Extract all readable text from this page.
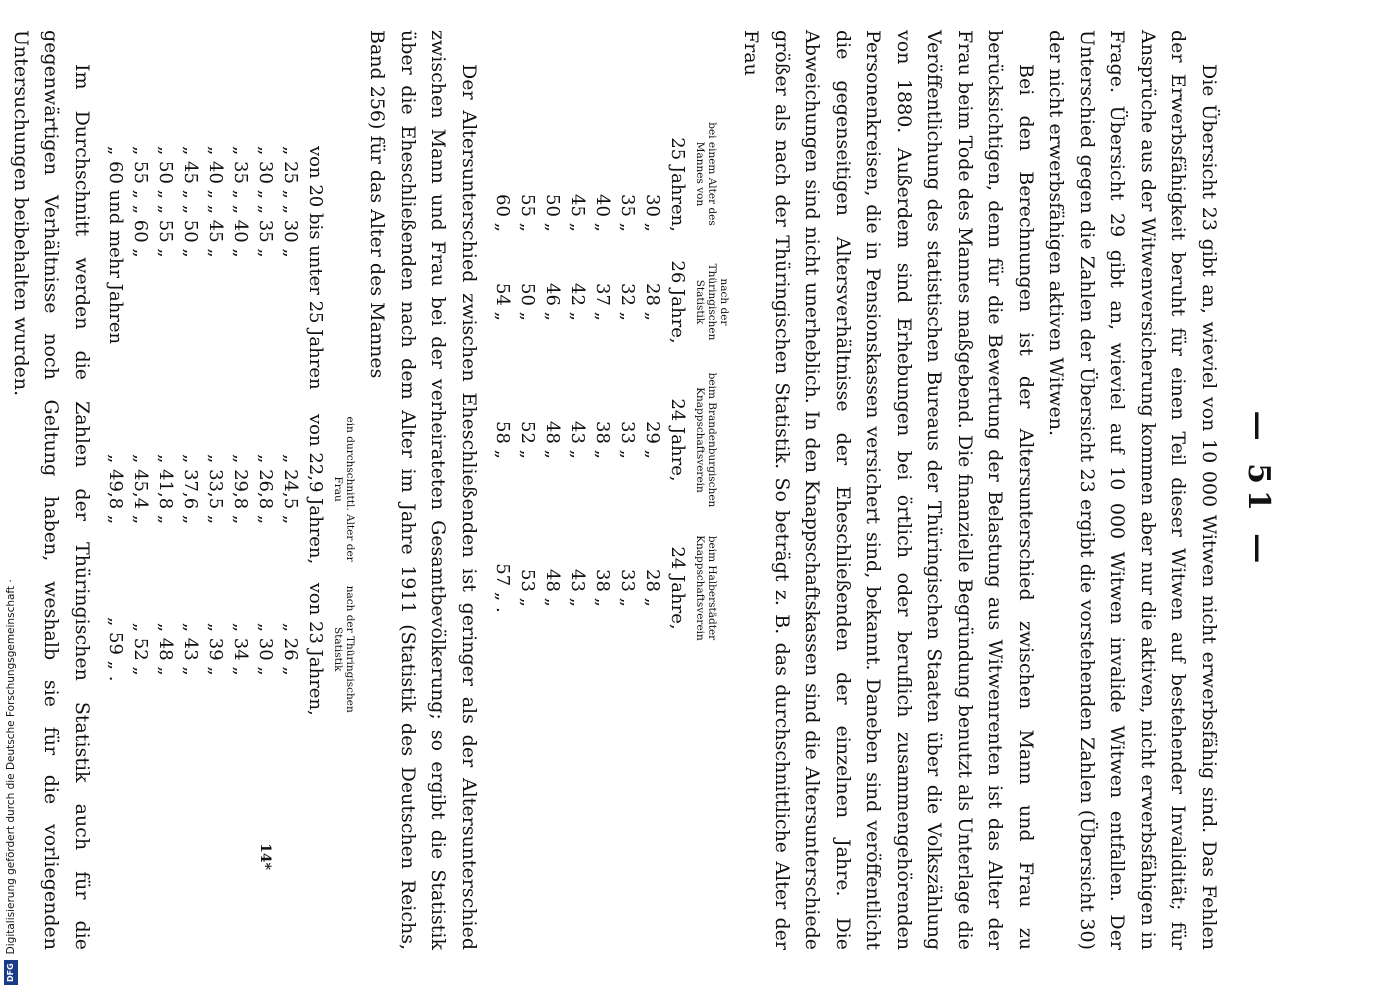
— 51 —

Die Übersicht 23 gibt an, wieviel von 10 000 Witwen nicht erwerbsfähig sind. Das Fehlen der Erwerbsfähigkeit beruht für einen Teil dieser Witwen auf bestehender Invalidität; für Ansprüche aus der Witwenversicherung kommen aber nur die aktiven, nicht erwerbsfähigen in Frage. Übersicht 29 gibt an, wieviel auf 10 000 Witwen invalide Witwen entfallen. Der Unterschied gegen die Zahlen der Übersicht 23 ergibt die vorstehenden Zahlen (Übersicht 30) der nicht erwerbsfähigen aktiven Witwen.

Bei den Berechnungen ist der Altersunterschied zwischen Mann und Frau zu berücksichtigen, denn für die Bewertung der Belastung aus Witwenrenten ist das Alter der Frau beim Tode des Mannes maßgebend. Die finanzielle Begründung benutzt als Unterlage die Veröffentlichung des statistischen Bureaus der Thüringischen Staaten über die Volkszählung von 1880. Außerdem sind Erhebungen bei örtlich oder beruflich zusammengehörenden Personenkreisen, die in Pensionskassen versichert sind, bekannt. Daneben sind veröffentlicht die gegenseitigen Altersverhältnisse der Eheschließenden der einzelnen Jahre. Die Abweichungen sind nicht unerheblich. In den Knappschaftskassen sind die Altersunterschiede größer als nach der Thüringischen Statistik. So beträgt z. B. das durchschnittliche Alter der Frau

bei einem Alter des Mannes von	nach der Thüringischen Statistik	beim Brandenburgischen Knappschaftsverein	beim Halberstädter Knappschaftsverein
25 Jahren,	26 Jahre,	24 Jahre,	24 Jahre,
30 „	28 „	29 „	28 „
35 „	32 „	33 „	33 „
40 „	37 „	38 „	38 „
45 „	42 „	43 „	43 „
50 „	46 „	48 „	48 „
55 „	50 „	52 „	53 „
60 „	54 „	58 „	57 „ .

Der Altersunterschied zwischen Eheschließenden ist geringer als der Altersunterschied zwischen Mann und Frau bei der verheirateten Gesamtbevölkerung; so ergibt die Statistik über die Eheschließenden nach dem Alter im Jahre 1911 (Statistik des Deutschen Reichs, Band 256) für das Alter des Mannes

	ein durchschnittl. Alter der Frau	nach der Thüringischen Statistik
von 20 bis unter 25 Jahren	von 22,9 Jahren,	von 23 Jahren,
„ 25 „ „ 30 „	„ 24,5 „	„ 26 „
„ 30 „ „ 35 „	„ 26,8 „	„ 30 „
„ 35 „ „ 40 „	„ 29,8 „	„ 34 „
„ 40 „ „ 45 „	„ 33,5 „	„ 39 „
„ 45 „ „ 50 „	„ 37,6 „	„ 43 „
„ 50 „ „ 55 „	„ 41,8 „	„ 48 „
„ 55 „ „ 60 „	„ 45,4 „	„ 52 „
„ 60 und mehr Jahren	„ 49,8 „	„ 59 „ .

Im Durchschnitt werden die Zahlen der Thüringischen Statistik auch für die gegenwärtigen Verhältnisse noch Geltung haben, weshalb sie für die vorliegenden Untersuchungen beibehalten wurden.

14*
DFGDigitalisierung gefördert durch die Deutsche Forschungsgemeinschaft ·
